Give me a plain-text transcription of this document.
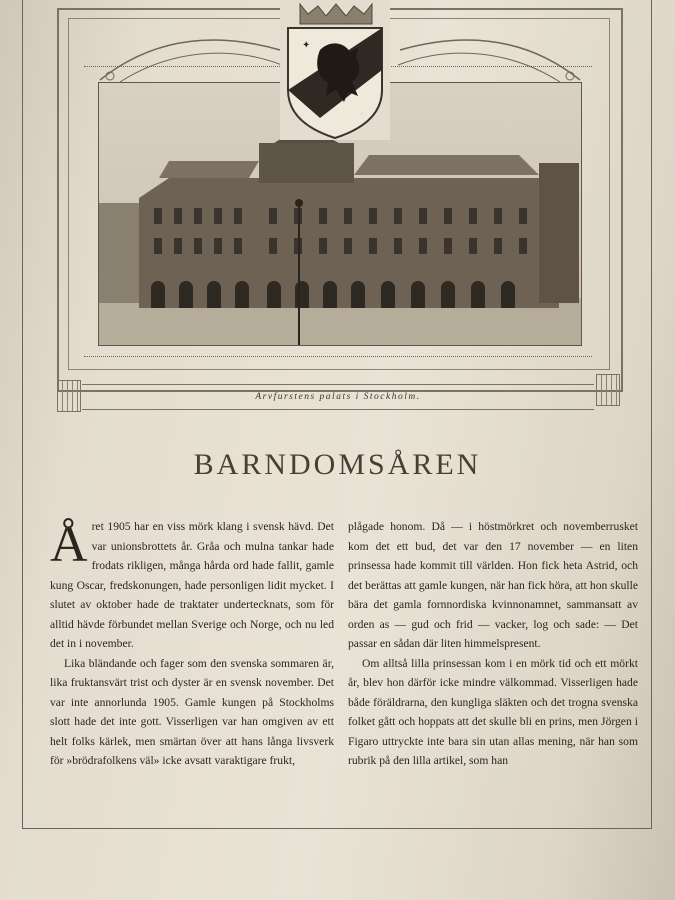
✦
✦
Arvfurstens palats i Stockholm.
BARNDOMSÅREN
Å ret 1905 har en viss mörk klang i svensk hävd. Det var unionsbrottets år. Gråa och mulna tankar hade frodats rikligen, många hårda ord hade fallit, gamle kung Oscar, fredskonungen, hade personligen lidit mycket. I slutet av oktober hade de traktater undertecknats, som för alltid hävde förbundet mellan Sverige och Norge, och nu led det in i november.

Lika bländande och fager som den svenska sommaren är, lika fruktansvärt trist och dyster är en svensk november. Det var inte annorlunda 1905. Gamle kungen på Stockholms slott hade det inte gott. Visserligen var han omgiven av ett helt folks kärlek, men smärtan över att hans långa livsverk för »brödrafolkens väl» icke avsatt varaktigare frukt,

plågade honom. Då — i höstmörkret och novemberrusket kom det ett bud, det var den 17 november — en liten prinsessa hade kommit till världen. Hon fick heta Astrid, och det berättas att gamle kungen, när han fick höra, att hon skulle bära det gamla fornnordiska kvinnonamnet, sammansatt av orden as — gud och frid — vacker, log och sade: — Det passar en sådan där liten himmelspresent.

Om alltså lilla prinsessan kom i en mörk tid och ett mörkt år, blev hon därför icke mindre välkommad. Visserligen hade både föräldrarna, den kungliga släkten och det trogna svenska folket gått och hoppats att det skulle bli en prins, men Jörgen i Figaro uttryckte inte bara sin utan allas mening, när han som rubrik på den lilla artikel, som han
